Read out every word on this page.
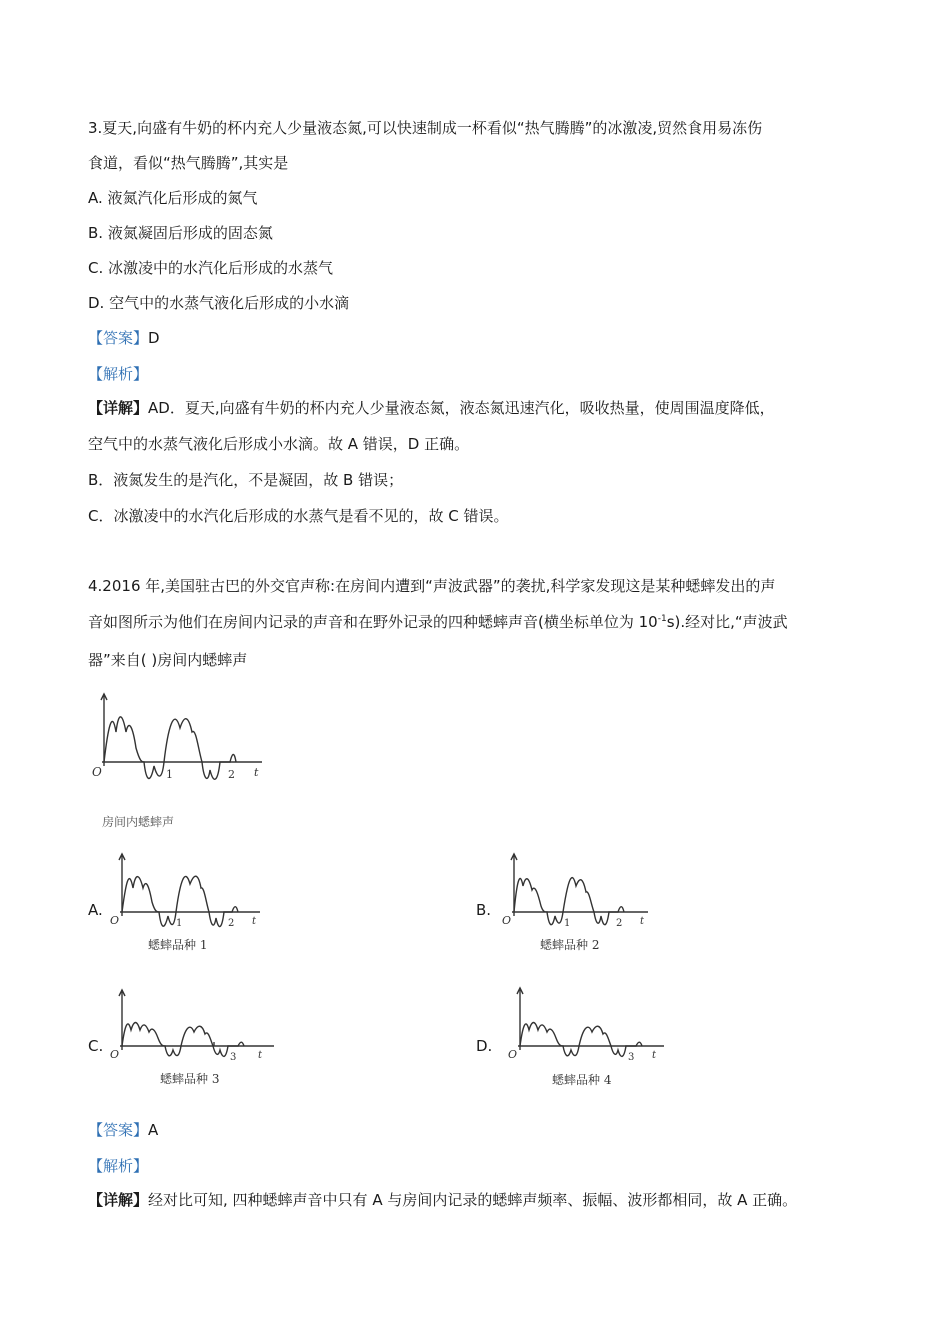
3.夏天,向盛有牛奶的杯内充人少量液态氮,可以快速制成一杯看似“热气腾腾”的冰激凌,贸然食用易冻伤
食道，看似“热气腾腾”,其实是
A. 液氮汽化后形成的氮气
B. 液氮凝固后形成的固态氮
C. 冰激凌中的水汽化后形成的水蒸气
D. 空气中的水蒸气液化后形成的小水滴
【答案】D
【解析】
【详解】AD．夏天,向盛有牛奶的杯内充人少量液态氮，液态氮迅速汽化，吸收热量，使周围温度降低，
空气中的水蒸气液化后形成小水滴。故 A 错误，D 正确。
B．液氮发生的是汽化，不是凝固，故 B 错误；
C．冰激凌中的水汽化后形成的水蒸气是看不见的，故 C 错误。
4.2016 年,美国驻古巴的外交官声称:在房间内遭到“声波武器”的袭扰,科学家发现这是某种蟋蟀发出的声
音如图所示为他们在房间内记录的声音和在野外记录的四种蟋蟀声音(横坐标单位为 $10^{-1}s$).经对比,“声波武
器”来自( )房间内蟋蟀声
O	1	2 t
房间内蟋蟀声
A.
O	1	2 t
蟋蟀品种 1
B.
O	1	2 t
蟋蟀品种 2
C. O	3 t
蟋蟀品种 3
D. O	3 t
蟋蟀品种 4
【答案】A
【解析】
【详解】经对比可知, 四种蟋蟀声音中只有 A 与房间内记录的蟋蟀声频率、振幅、波形都相同，故 A 正确。
